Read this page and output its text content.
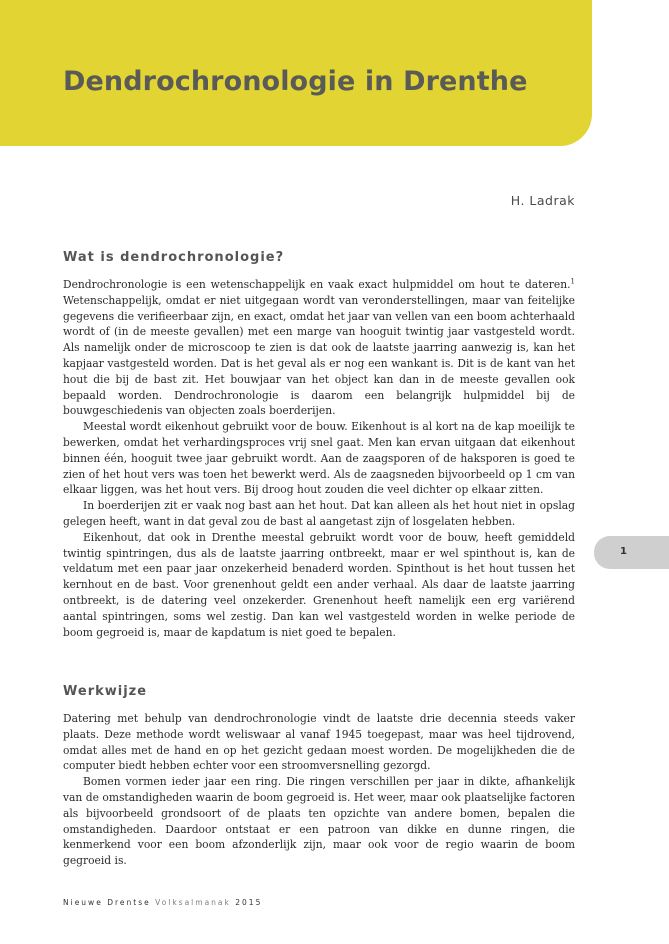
Dendrochronologie in Drenthe
H. Ladrak
Wat is dendrochronologie?

Dendrochronologie is een wetenschappelijk en vaak exact hulpmiddel om hout te dateren.$^1$ Wetenschappelijk, omdat er niet uitgegaan wordt van veronderstellingen, maar van feitelijke gegevens die verifieerbaar zijn, en exact, omdat het jaar van vellen van een boom achterhaald wordt of (in de meeste gevallen) met een marge van hooguit twintig jaar vastgesteld wordt. Als namelijk onder de microscoop te zien is dat ook de laatste jaarring aanwezig is, kan het kapjaar vastgesteld worden. Dat is het geval als er nog een wankant is. Dit is de kant van het hout die bij de bast zit. Het bouwjaar van het object kan dan in de meeste gevallen ook bepaald worden. Dendrochronologie is daarom een belangrijk hulpmiddel bij de bouwgeschiedenis van objecten zoals boerderijen.

Meestal wordt eikenhout gebruikt voor de bouw. Eikenhout is al kort na de kap moeilijk te bewerken, omdat het verhardingsproces vrij snel gaat. Men kan ervan uitgaan dat eikenhout binnen één, hooguit twee jaar gebruikt wordt. Aan de zaagsporen of de haksporen is goed te zien of het hout vers was toen het bewerkt werd. Als de zaagsneden bijvoorbeeld op 1 cm van elkaar liggen, was het hout vers. Bij droog hout zouden die veel dichter op elkaar zitten.

In boerderijen zit er vaak nog bast aan het hout. Dat kan alleen als het hout niet in opslag gelegen heeft, want in dat geval zou de bast al aangetast zijn of losgelaten hebben.

Eikenhout, dat ook in Drenthe meestal gebruikt wordt voor de bouw, heeft gemiddeld twintig spintringen, dus als de laatste jaarring ontbreekt, maar er wel spinthout is, kan de veldatum met een paar jaar onzekerheid benaderd worden. Spinthout is het hout tussen het kernhout en de bast. Voor grenenhout geldt een ander verhaal. Als daar de laatste jaarring ontbreekt, is de datering veel onzekerder. Grenenhout heeft namelijk een erg variërend aantal spintringen, soms wel zestig. Dan kan wel vastgesteld worden in welke periode de boom gegroeid is, maar de kapdatum is niet goed te bepalen.

Werkwijze

Datering met behulp van dendrochronologie vindt de laatste drie decennia steeds vaker plaats. Deze methode wordt weliswaar al vanaf 1945 toegepast, maar was heel tijdrovend, omdat alles met de hand en op het gezicht gedaan moest worden. De mogelijkheden die de computer biedt hebben echter voor een stroomversnelling gezorgd.

Bomen vormen ieder jaar een ring. Die ringen verschillen per jaar in dikte, afhankelijk van de omstandigheden waarin de boom gegroeid is. Het weer, maar ook plaatselijke factoren als bijvoorbeeld grondsoort of de plaats ten opzichte van andere bomen, bepalen die omstandigheden. Daardoor ontstaat er een patroon van dikke en dunne ringen, die kenmerkend voor een boom afzonderlijk zijn, maar ook voor de regio waarin de boom gegroeid is.

1
Nieuwe Drentse Volksalmanak 2015
